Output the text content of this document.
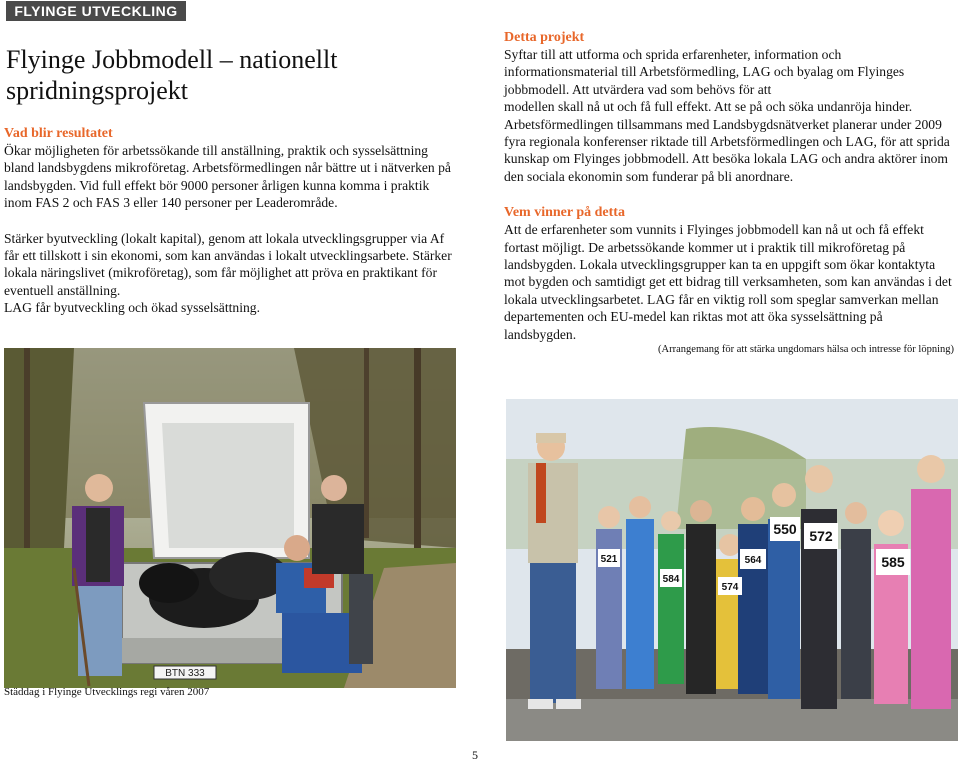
FLYINGE UTVECKLING
Flyinge Jobbmodell – nationellt spridningsprojekt
Vad blir resultatet

Ökar möjligheten för arbetssökande till anställning, praktik och sysselsättning bland landsbygdens mikroföretag. Arbetsförmedlingen når bättre ut i nätverken på landsbygden. Vid full effekt bör 9000 personer årligen kunna komma i praktik inom FAS 2 och FAS 3 eller 140 personer per Leaderområde.

Stärker byutveckling (lokalt kapital), genom att lokala utvecklingsgrupper via Af får ett tillskott i sin ekonomi, som kan användas i lokalt utvecklingsarbete. Stärker lokala näringslivet (mikroföretag), som får möjlighet att pröva en praktikant för eventuell anställning.

LAG får byutveckling och ökad sysselsättning.

Detta projekt

Syftar till att utforma och sprida erfarenheter, information och informationsmaterial till Arbetsförmedling, LAG och byalag om Flyinges jobbmodell. Att utvärdera vad som behövs för att

modellen skall nå ut och få full effekt. Att se på och söka undanröja hinder.

Arbetsförmedlingen tillsammans med Landsbygdsnätverket planerar under 2009 fyra regionala konferenser riktade till Arbetsförmedlingen och LAG, för att sprida kunskap om Flyinges jobbmodell. Att besöka lokala LAG och andra aktörer inom den sociala ekonomin som funderar på bli anordnare.

Vem vinner på detta

Att de erfarenheter som vunnits i Flyinges jobbmodell kan nå ut och få effekt fortast möjligt. De arbetssökande kommer ut i praktik till mikroföretag på landsbygden. Lokala utvecklingsgrupper kan ta en uppgift som ökar kontaktyta mot bygden och samtidigt get ett bidrag till verksamheten, som kan användas i det lokala utvecklingsarbetet. LAG får en viktig roll som speglar samverkan mellan departementen och EU-medel kan riktas mot att öka sysselsättning på landsbygden.

(Arrangemang för att stärka ungdomars hälsa och intresse för löpning)
BTN 333
Städdag i Flyinge Utvecklings regi våren 2007
550 572
585
521
584
564
574
5
